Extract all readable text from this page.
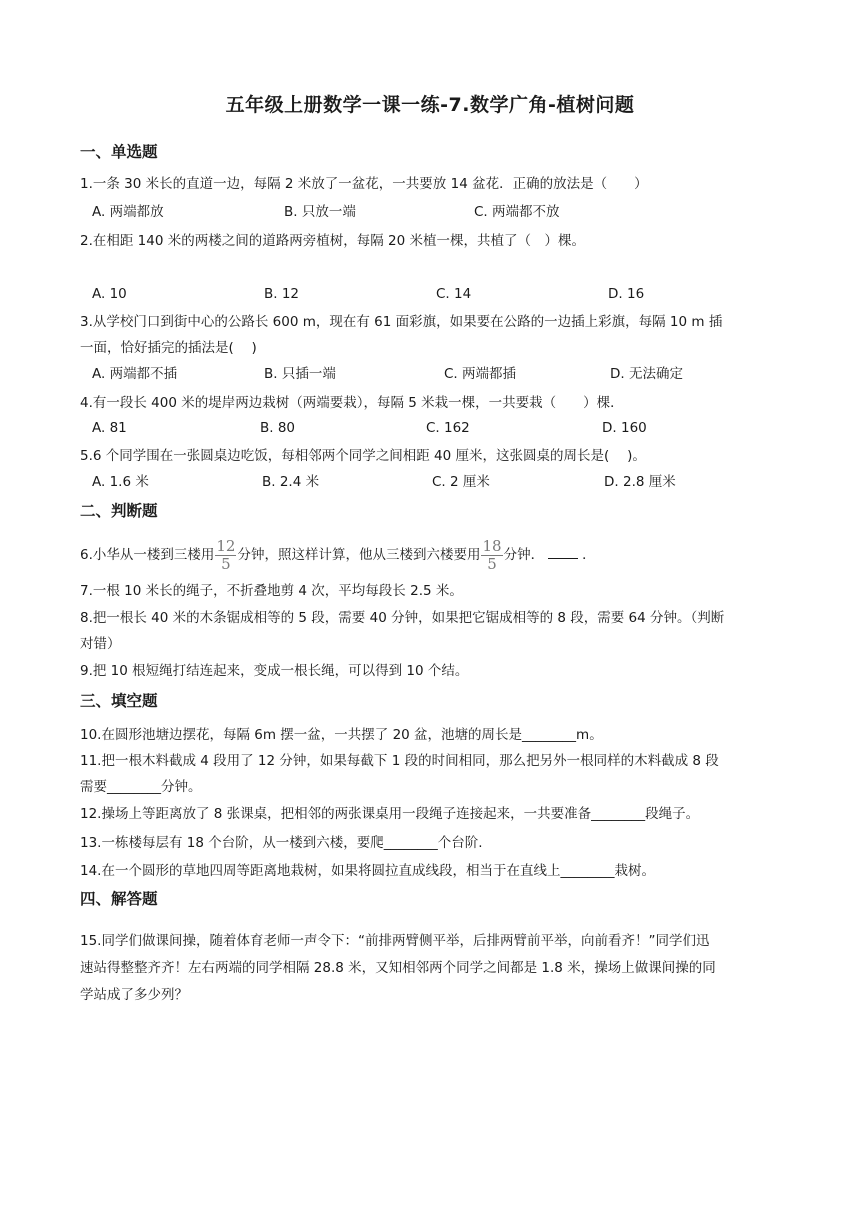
五年级上册数学一课一练-7.数学广角-植树问题
一、单选题
1.一条 30 米长的直道一边，每隔 2 米放了一盆花，一共要放 14 盆花．正确的放法是（　　）
A. 两端都放	B. 只放一端	C. 两端都不放
2.在相距 140 米的两楼之间的道路两旁植树，每隔 20 米植一棵，共植了（　）棵。
A. 10	B. 12	C. 14	D. 16
3.从学校门口到街中心的公路长 600 m，现在有 61 面彩旗，如果要在公路的一边插上彩旗，每隔 10 m 插
一面，恰好插完的插法是(　 )
A. 两端都不插	B. 只插一端	C. 两端都插	D. 无法确定
4.有一段长 400 米的堤岸两边栽树（两端要栽），每隔 5 米栽一棵，一共要栽（　　）棵．
A. 81	B. 80	C. 162	D. 160
5.6 个同学围在一张圆桌边吃饭，每相邻两个同学之间相距 40 厘米，这张圆桌的周长是(　 )。
A. 1.6 米	B. 2.4 米	C. 2 厘米	D. 2.8 厘米
二、判断题
6.小华从一楼到三楼用 $\frac{12}{5}$ 分钟，照这样计算，他从三楼到六楼要用 $\frac{18}{5}$ 分钟．	．
7.一根 10 米长的绳子，不折叠地剪 4 次，平均每段长 2.5 米。
8.把一根长 40 米的木条锯成相等的 5 段，需要 40 分钟，如果把它锯成相等的 8 段，需要 64 分钟。（判断
对错）
9.把 10 根短绳打结连起来，变成一根长绳，可以得到 10 个结。
三、填空题
10.在圆形池塘边摆花，每隔 6m 摆一盆，一共摆了 20 盆，池塘的周长是________m。
11.把一根木料截成 4 段用了 12 分钟，如果每截下 1 段的时间相同，那么把另外一根同样的木料截成 8 段
需要________分钟。
12.操场上等距离放了 8 张课桌，把相邻的两张课桌用一段绳子连接起来，一共要准备________段绳子。
13.一栋楼每层有 18 个台阶，从一楼到六楼，要爬________个台阶.
14.在一个圆形的草地四周等距离地栽树，如果将圆拉直成线段，相当于在直线上________栽树。
四、解答题
15.同学们做课间操，随着体育老师一声令下：“前排两臂侧平举，后排两臂前平举，向前看齐！”同学们迅
速站得整整齐齐！左右两端的同学相隔 28.8 米，又知相邻两个同学之间都是 1.8 米，操场上做课间操的同
学站成了多少列？
